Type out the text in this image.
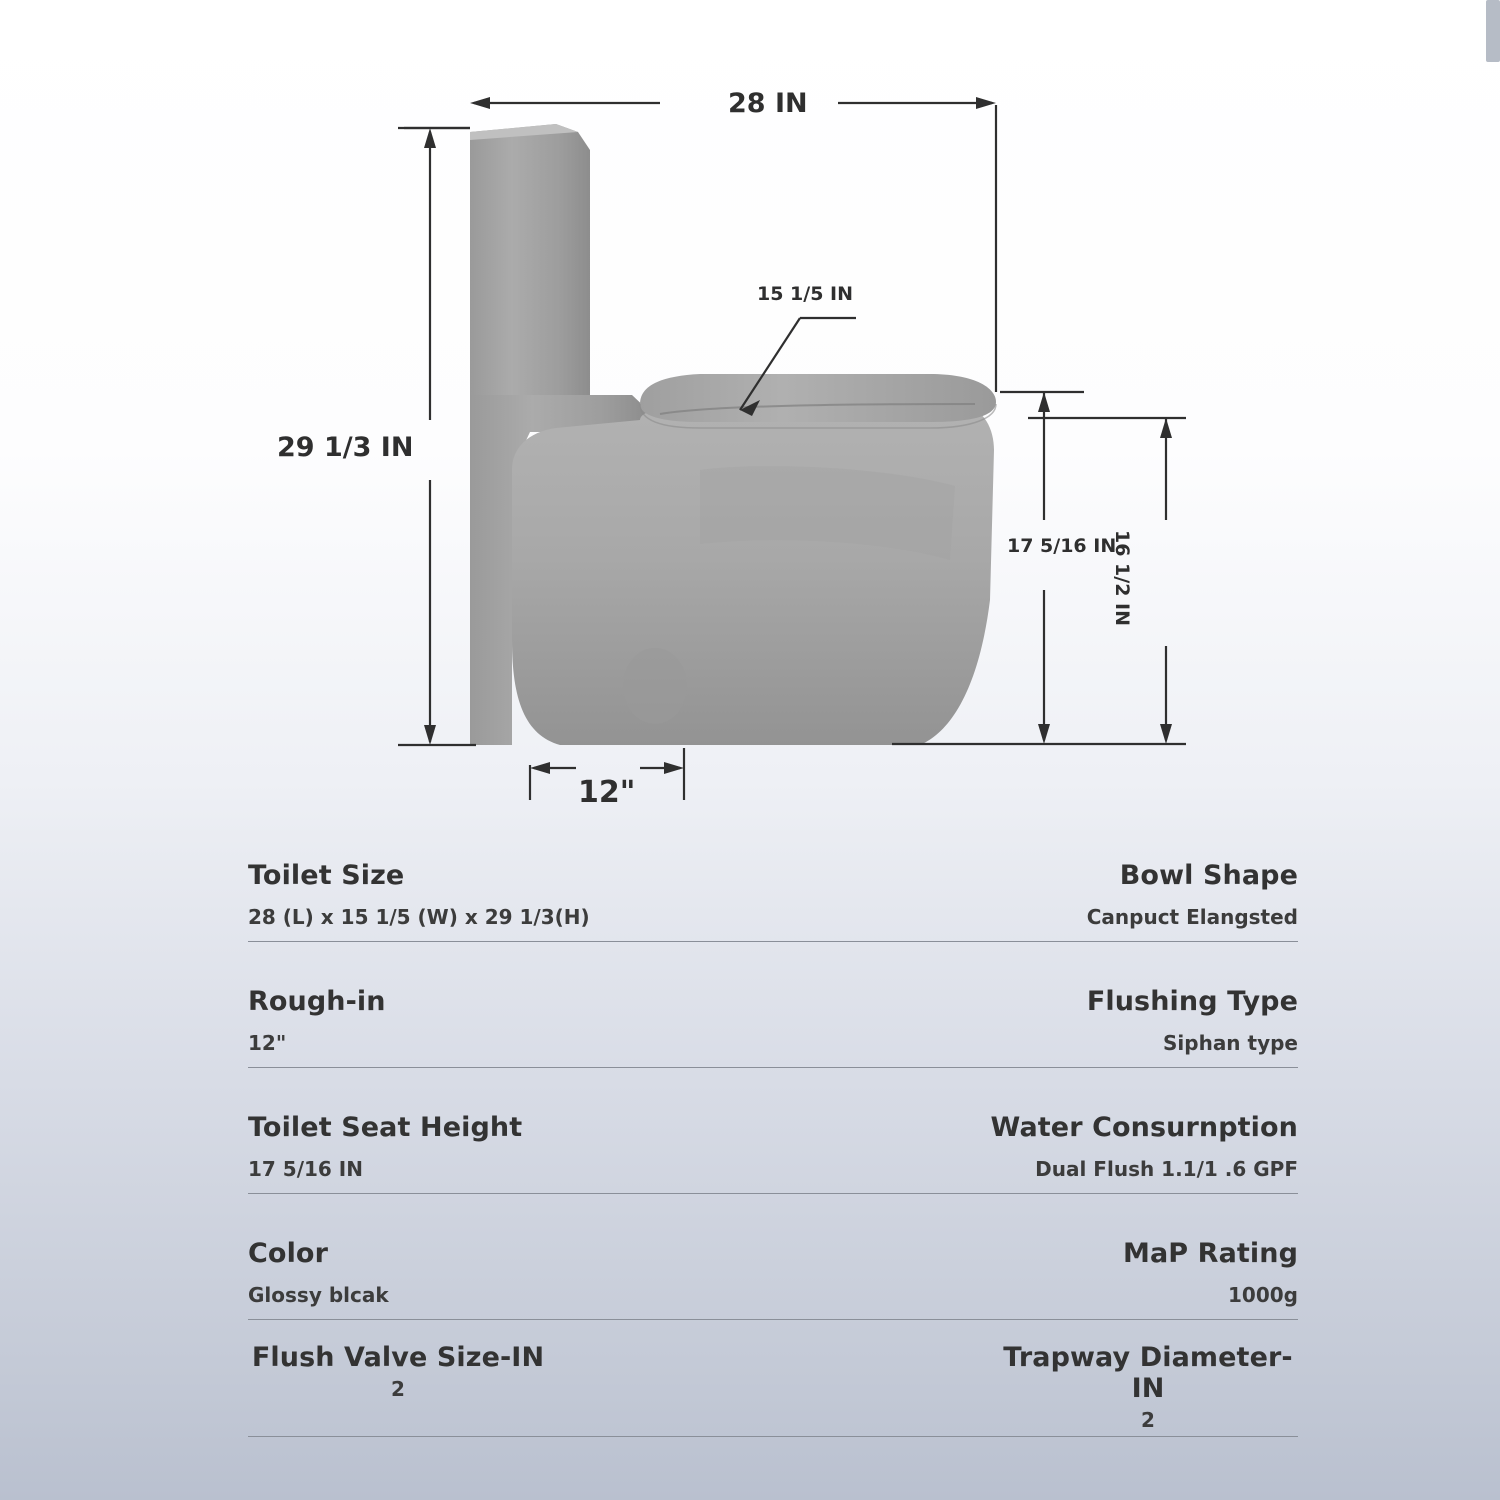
28 IN
29 1/3 IN
12"
15 1/5 IN
17 5/16 IN
16 1/2 IN
Toilet Size
28 (L) x 15 1/5 (W) x 29 1/3(H)
Bowl Shape
Canpuct Elangsted
Rough-in
12"
Flushing Type
Siphan type
Toilet Seat Height
17 5/16 IN
Water Consurnption
Dual Flush 1.1/1 .6 GPF
Color
Glossy blcak
MaP Rating
1000g
Flush Valve Size-IN
2
Trapway Diameter-IN
2
